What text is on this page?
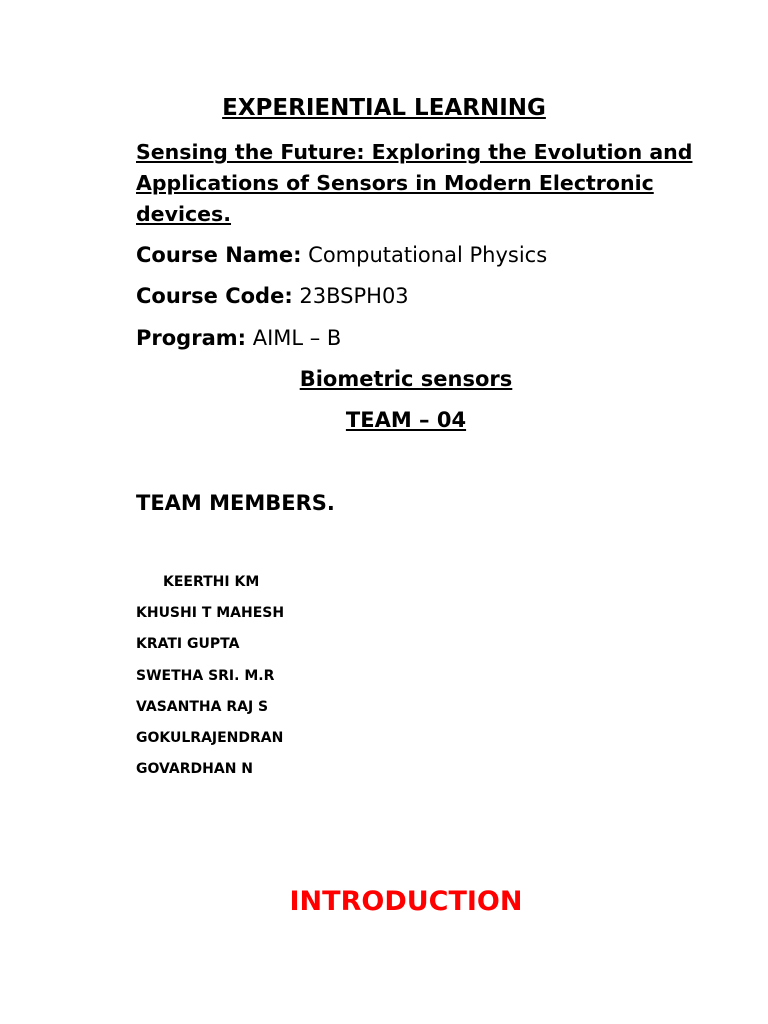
EXPERIENTIAL LEARNING
Sensing the Future: Exploring the Evolution and Applications of Sensors in Modern Electronic devices.
Course Name: Computational Physics
Course Code: 23BSPH03
Program: AIML – B
Biometric sensors
TEAM – 04
TEAM MEMBERS.
KEERTHI KM
KHUSHI T MAHESH
KRATI GUPTA
SWETHA SRI. M.R
VASANTHA RAJ S
GOKULRAJENDRAN
GOVARDHAN N
INTRODUCTION
